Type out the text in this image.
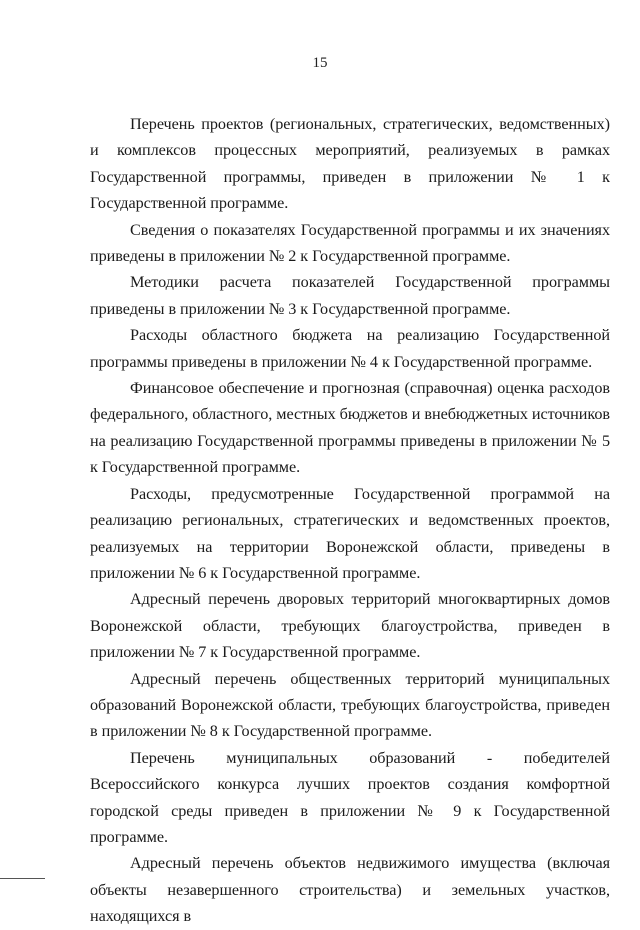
15

Перечень проектов (региональных, стратегических, ведомственных) и комплексов процессных мероприятий, реализуемых в рамках Государственной программы, приведен в приложении № 1 к Государственной программе.

Сведения о показателях Государственной программы и их значениях приведены в приложении № 2 к Государственной программе.

Методики расчета показателей Государственной программы приведены в приложении № 3 к Государственной программе.

Расходы областного бюджета на реализацию Государственной программы приведены в приложении № 4 к Государственной программе.

Финансовое обеспечение и прогнозная (справочная) оценка расходов федерального, областного, местных бюджетов и внебюджетных источников на реализацию Государственной программы приведены в приложении № 5 к Государственной программе.

Расходы, предусмотренные Государственной программой на реализацию региональных, стратегических и ведомственных проектов, реализуемых на территории Воронежской области, приведены в приложении № 6 к Государственной программе.

Адресный перечень дворовых территорий многоквартирных домов Воронежской области, требующих благоустройства, приведен в приложении № 7 к Государственной программе.

Адресный перечень общественных территорий муниципальных образований Воронежской области, требующих благоустройства, приведен в приложении № 8 к Государственной программе.

Перечень муниципальных образований - победителей Всероссийского конкурса лучших проектов создания комфортной городской среды приведен в приложении № 9 к Государственной программе.

Адресный перечень объектов недвижимого имущества (включая объекты незавершенного строительства) и земельных участков, находящихся в
